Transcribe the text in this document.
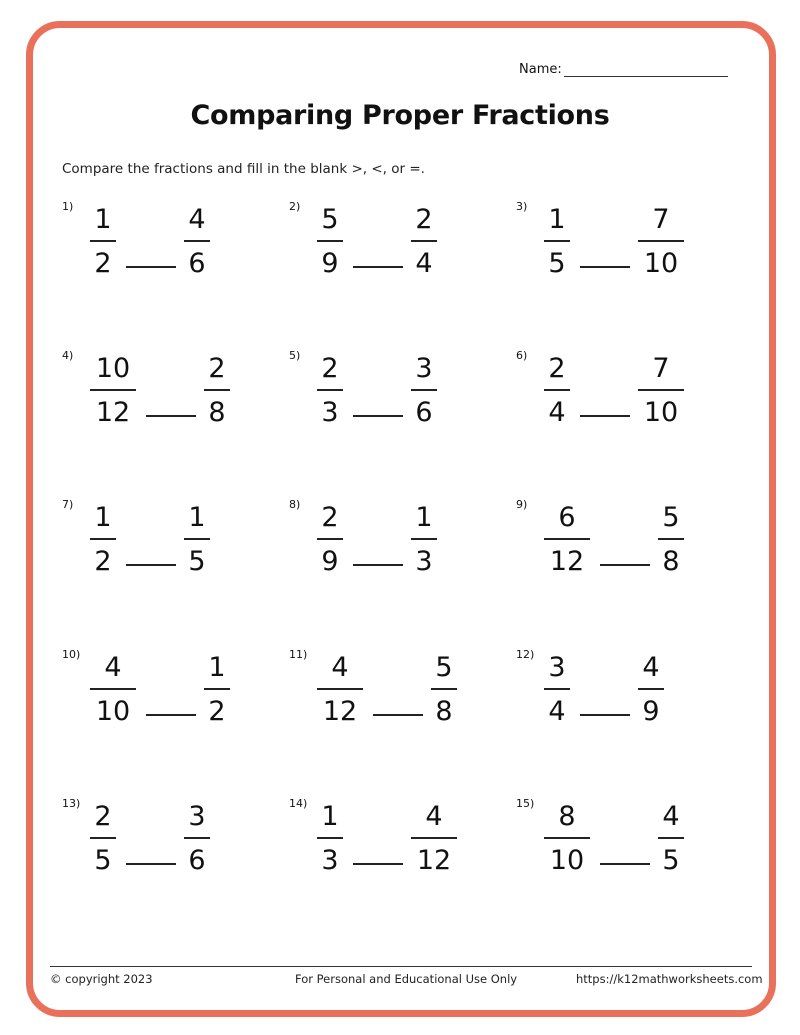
Name:
Comparing Proper Fractions
Compare the fractions and fill in the blank >, <, or =.
1) 1
2
4
6
2) 5
9
2
4
3) 1
5
7
10
4) 10
12
2
8
5) 2
3
3
6
6) 2
4
7
10
7) 1
2
1
5
8) 2
9
1
3
9)	6
12
5
8
10) 4
10
1
2
11) 4
12
5
8
12) 3
4
4
9
13) 2
5
3
6
14) 1
3
4
12
15) 8
10
4
5
© copyright 2023	For Personal and Educational Use Only	https://k12mathworksheets.com
